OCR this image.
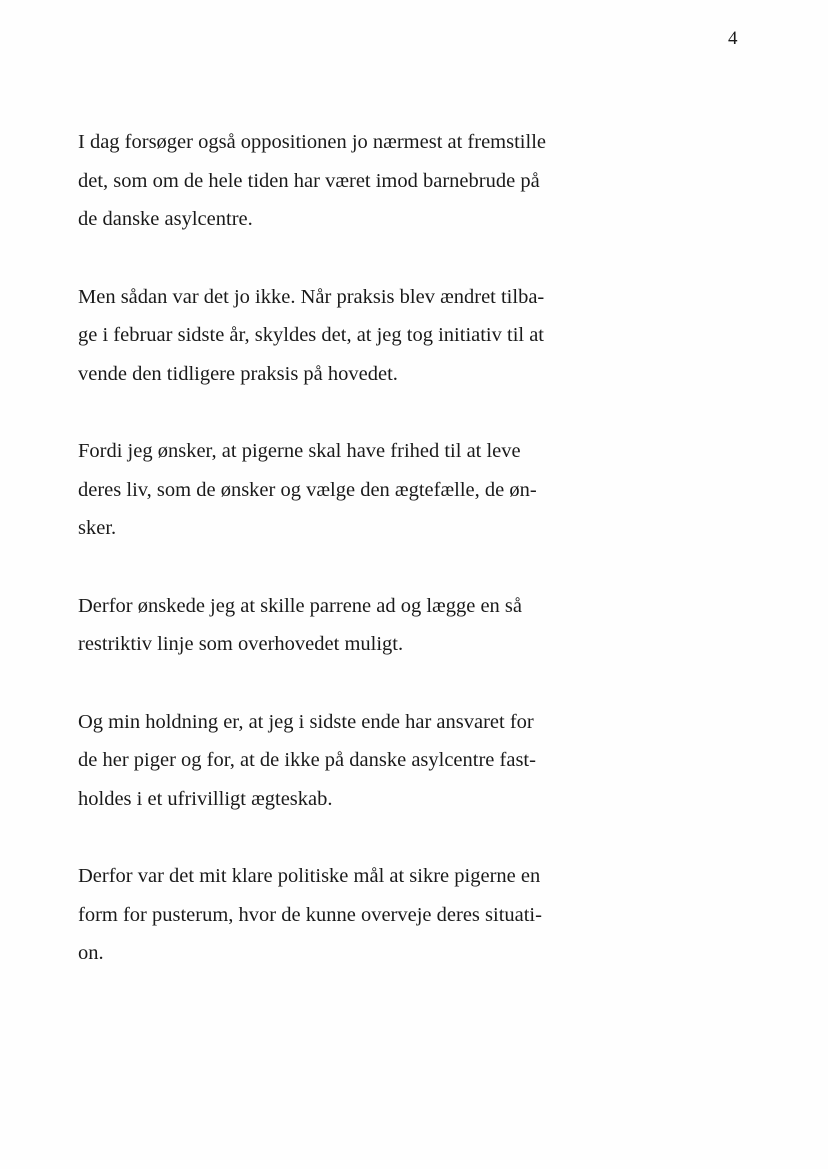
4

I dag forsøger også oppositionen jo nærmest at fremstille
det, som om de hele tiden har været imod barnebrude på
de danske asylcentre.

Men sådan var det jo ikke. Når praksis blev ændret tilba-
ge i februar sidste år, skyldes det, at jeg tog initiativ til at
vende den tidligere praksis på hovedet.

Fordi jeg ønsker, at pigerne skal have frihed til at leve
deres liv, som de ønsker og vælge den ægtefælle, de øn-
sker.

Derfor ønskede jeg at skille parrene ad og lægge en så
restriktiv linje som overhovedet muligt.

Og min holdning er, at jeg i sidste ende har ansvaret for
de her piger og for, at de ikke på danske asylcentre fast-
holdes i et ufrivilligt ægteskab.

Derfor var det mit klare politiske mål at sikre pigerne en
form for pusterum, hvor de kunne overveje deres situati-
on.
